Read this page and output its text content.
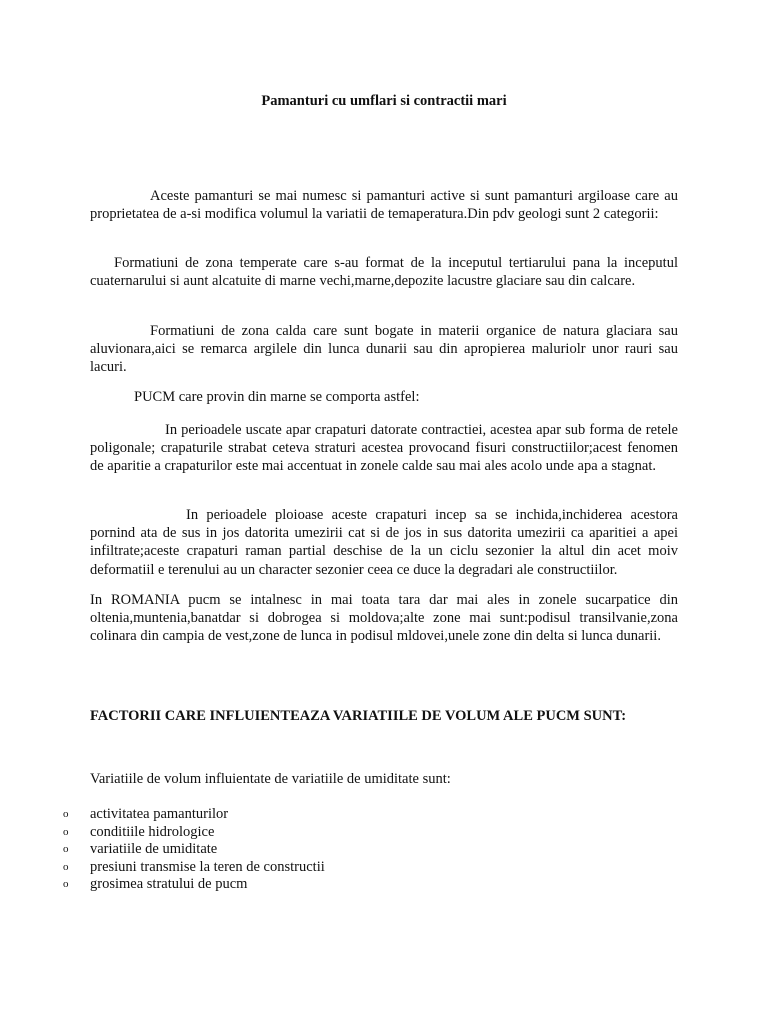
Pamanturi cu umflari si contractii mari

Aceste pamanturi se mai numesc si pamanturi active si sunt pamanturi argiloase care au proprietatea de a-si modifica volumul la variatii de temaperatura.Din pdv geologi sunt 2 categorii:

Formatiuni de zona temperate care s-au format de la inceputul tertiarului pana la inceputul cuaternarului si aunt alcatuite di marne vechi,marne,depozite lacustre glaciare sau din calcare.

Formatiuni de zona calda care sunt bogate in materii organice de natura glaciara sau aluvionara,aici se remarca argilele din lunca dunarii sau din apropierea maluriolr unor rauri sau lacuri.

PUCM care provin din marne se comporta astfel:

In perioadele uscate apar crapaturi datorate contractiei, acestea apar sub forma de retele poligonale; crapaturile strabat ceteva straturi acestea provocand fisuri constructiilor;acest fenomen de aparitie a crapaturilor este mai accentuat in zonele calde sau mai ales acolo unde apa a stagnat.

In perioadele ploioase aceste crapaturi incep sa se inchida,inchiderea acestora pornind ata de sus in jos datorita umezirii cat si de jos in sus datorita umezirii ca aparitiei a apei infiltrate;aceste crapaturi raman partial deschise de la un ciclu sezonier la altul din acet moiv deformatiil e terenului au un character sezonier ceea ce duce la degradari ale constructiilor.

In ROMANIA pucm se intalnesc in mai toata tara dar mai ales in zonele sucarpatice din oltenia,muntenia,banatdar si dobrogea si moldova;alte zone mai sunt:podisul transilvanie,zona colinara din campia de vest,zone de lunca in podisul mldovei,unele zone din delta si lunca dunarii.

FACTORII CARE INFLUIENTEAZA VARIATIILE DE VOLUM ALE PUCM SUNT:
Variatiile de volum influientate de variatiile de umiditate sunt:
o activitatea pamanturilor
o conditiile hidrologice
o variatiile de umiditate
o presiuni transmise la teren de constructii
o grosimea stratului de pucm
